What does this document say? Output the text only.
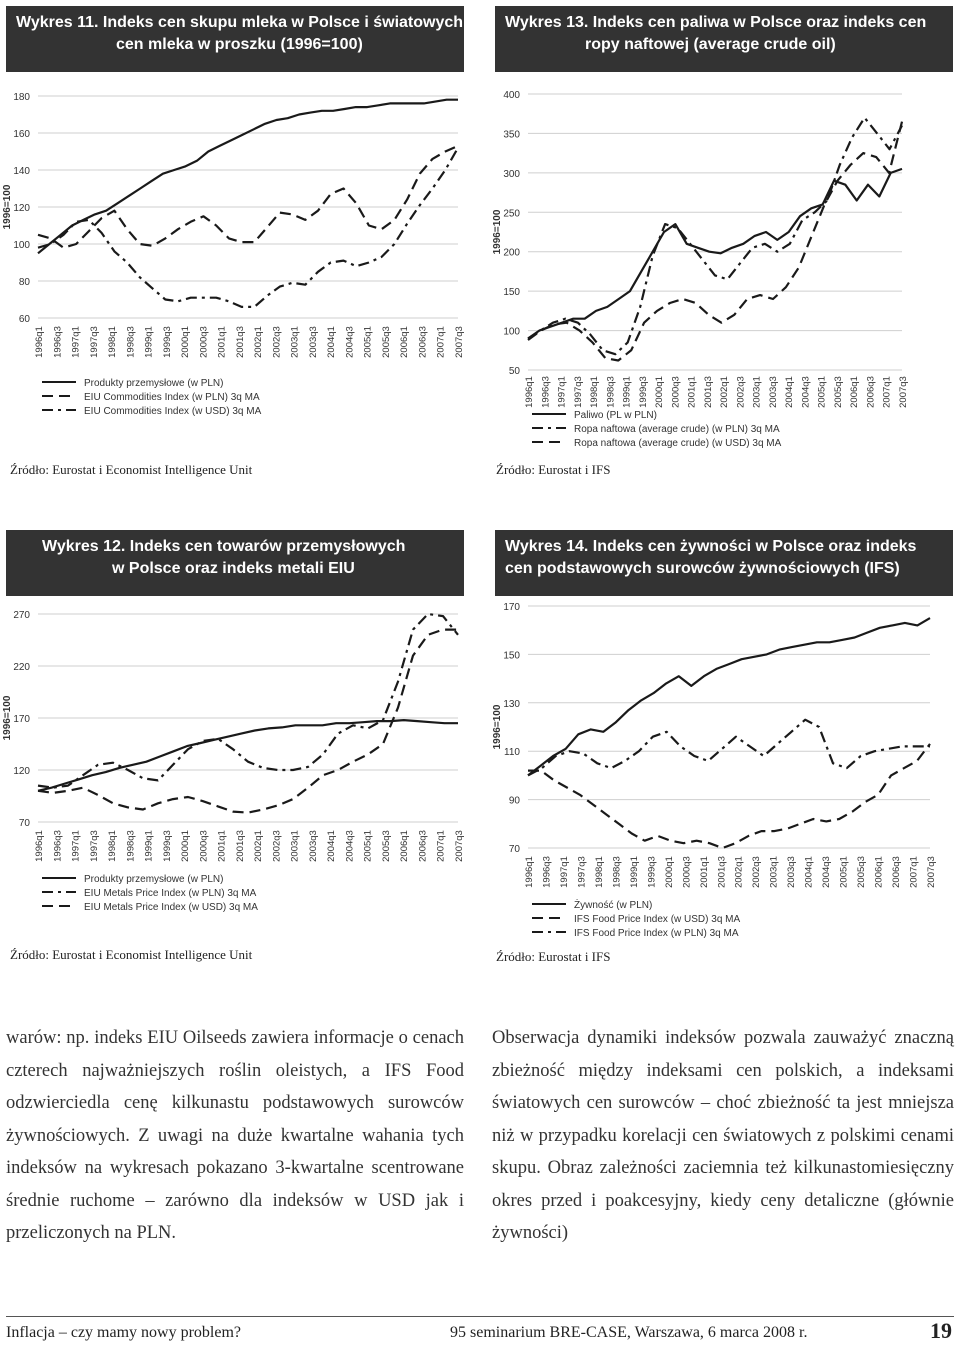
Wykres 11. Indeks cen skupu mleka w Polsce i światowych
cen mleka w proszku (1996=100)
60
80
100
120
140
160
180
1996=100
1996q1 1996q3 1997q1 1997q3 1998q1 1998q3 1999q1 1999q3 2000q1 2000q3 2001q1 2001q3 2002q1 2002q3 2003q1 2003q3 2004q1 2004q3 2005q1 2005q3 2006q1 2006q3 2007q1 2007q3
Produkty przemysłowe (w PLN)
EIU Commodities Index (w PLN) 3q MA
EIU Commodities Index (w USD) 3q MA
Źródło: Eurostat i Economist Intelligence Unit
Wykres 13. Indeks cen paliwa w Polsce oraz indeks cen
ropy naftowej (average crude oil)
50
100
150
200
250
300
350
400
1996=100
1996q1 1996q3 1997q1 1997q3 1998q1 1998q3 1999q1 1999q3 2000q1 2000q3 2001q1 2001q3 2002q1 2002q3 2003q1 2003q3 2004q1 2004q3 2005q1 2005q3 2006q1 2006q3 2007q1 2007q3
Paliwo (PL w PLN)
Ropa naftowa (average crude) (w PLN) 3q MA
Ropa naftowa (average crude) (w USD) 3q MA
Źródło: Eurostat i IFS
Wykres 12. Indeks cen towarów przemysłowych
w Polsce oraz indeks metali EIU
70
120
170
220
270
1996=100
1996q1 1996q3 1997q1 1997q3 1998q1 1998q3 1999q1 1999q3 2000q1 2000q3 2001q1 2001q3 2002q1 2002q3 2003q1 2003q3 2004q1 2004q3 2005q1 2005q3 2006q1 2006q3 2007q1 2007q3
Produkty przemysłowe (w PLN)
EIU Metals Price Index (w PLN) 3q MA
EIU Metals Price Index (w USD) 3q MA
Źródło: Eurostat i Economist Intelligence Unit
Wykres 14. Indeks cen żywności w Polsce oraz indeks
cen podstawowych surowców żywnościowych (IFS)
70
90
110
130
150
170
1996=100
1996q1 1996q3 1997q1 1997q3 1998q1 1998q3 1999q1 1999q3 2000q1 2000q3 2001q1 2001q3 2002q1 2002q3 2003q1 2003q3 2004q1 2004q3 2005q1 2005q3 2006q1 2006q3 2007q1 2007q3
Żywność (w PLN)
IFS Food Price Index (w USD) 3q MA
IFS Food Price Index (w PLN) 3q MA
Źródło: Eurostat i IFS
warów: np. indeks EIU Oilseeds zawiera informacje o cenach czterech najważniejszych roślin oleistych, a IFS Food odzwierciedla cenę kilkunastu podstawowych surowców żywnościowych. Z uwagi na duże kwartalne wahania tych indeksów na wykresach pokazano 3-kwartalne scentrowane średnie ruchome – zarówno dla indeksów w USD jak i przeliczonych na PLN.
Obserwacja dynamiki indeksów pozwala zauważyć znaczną zbieżność między indeksami cen polskich, a indeksami światowych cen surowców – choć zbieżność ta jest mniejsza niż w przypadku korelacji cen światowych z polskimi cenami skupu. Obraz zależności zaciemnia też kilkunastomiesięczny okres przed i poakcesyjny, kiedy ceny detaliczne (głównie żywności)
Inflacja – czy mamy nowy problem?	95 seminarium BRE-CASE, Warszawa, 6 marca 2008 r.	19
